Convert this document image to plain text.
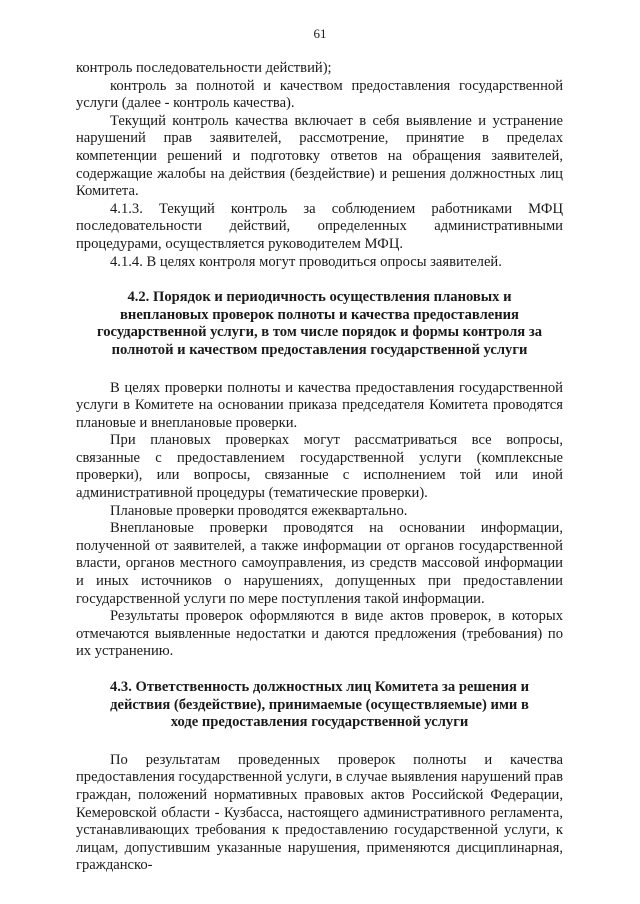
61

контроль последовательности действий);

контроль за полнотой и качеством предоставления государственной услуги (далее - контроль качества).

Текущий контроль качества включает в себя выявление и устранение нарушений прав заявителей, рассмотрение, принятие в пределах компетенции решений и подготовку ответов на обращения заявителей, содержащие жалобы на действия (бездействие) и решения должностных лиц Комитета.

4.1.3. Текущий контроль за соблюдением работниками МФЦ последовательности действий, определенных административными процедурами, осуществляется руководителем МФЦ.

4.1.4. В целях контроля могут проводиться опросы заявителей.

4.2. Порядок и периодичность осуществления плановых и внеплановых проверок полноты и качества предоставления государственной услуги, в том числе порядок и формы контроля за полнотой и качеством предоставления государственной услуги

В целях проверки полноты и качества предоставления государственной услуги в Комитете на основании приказа председателя Комитета проводятся плановые и внеплановые проверки.

При плановых проверках могут рассматриваться все вопросы, связанные с предоставлением государственной услуги (комплексные проверки), или вопросы, связанные с исполнением той или иной административной процедуры (тематические проверки).

Плановые проверки проводятся ежеквартально.

Внеплановые проверки проводятся на основании информации, полученной от заявителей, а также информации от органов государственной власти, органов местного самоуправления, из средств массовой информации и иных источников о нарушениях, допущенных при предоставлении государственной услуги по мере поступления такой информации.

Результаты проверок оформляются в виде актов проверок, в которых отмечаются выявленные недостатки и даются предложения (требования) по их устранению.

4.3. Ответственность должностных лиц Комитета за решения и действия (бездействие), принимаемые (осуществляемые) ими в ходе предоставления государственной услуги

По результатам проведенных проверок полноты и качества предоставления государственной услуги, в случае выявления нарушений прав граждан, положений нормативных правовых актов Российской Федерации, Кемеровской области - Кузбасса, настоящего административного регламента, устанавливающих требования к предоставлению государственной услуги, к лицам, допустившим указанные нарушения, применяются дисциплинарная, гражданско-
